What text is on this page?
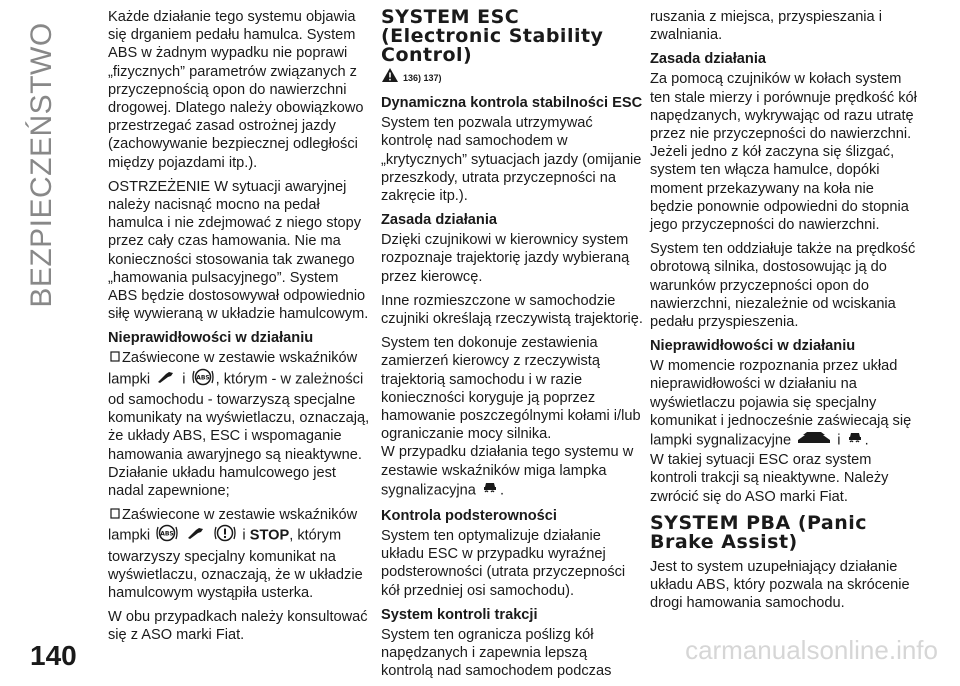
BEZPIECZEŃSTWO

Każde działanie tego systemu objawia się drganiem pedału hamulca. System ABS w żadnym wypadku nie poprawi „fizycznych” parametrów związanych z przyczepnością opon do nawierzchni drogowej. Dlatego należy obowiązkowo przestrzegać zasad ostrożnej jazdy (zachowywanie bezpiecznej odległości między pojazdami itp.).

OSTRZEŻENIE W sytuacji awaryjnej należy nacisnąć mocno na pedał hamulca i nie zdejmować z niego stopy przez cały czas hamowania. Nie ma konieczności stosowania tak zwanego „hamowania pulsacyjnego”. System ABS będzie dostosowywał odpowiednio siłę wywieraną w układzie hamulcowym.

Nieprawidłowości w działaniu

Zaświecone w zestawie wskaźników lampki i ABS , którym - w zależności od samochodu - towarzyszą specjalne komunikaty na wyświetlaczu, oznaczają, że układy ABS, ESC i wspomaganie hamowania awaryjnego są nieaktywne. Działanie układu hamulcowego jest nadal zapewnione;

Zaświecone w zestawie wskaźników lampki ABS	i STOP, którym towarzyszy specjalny komunikat na wyświetlaczu, oznaczają, że w układzie hamulcowym wystąpiła usterka.

W obu przypadkach należy konsultować się z ASO marki Fiat.

SYSTEM ESC (Electronic Stability Control)
136) 137)
Dynamiczna kontrola stabilności ESC

System ten pozwala utrzymywać kontrolę nad samochodem w „krytycznych” sytuacjach jazdy (omijanie przeszkody, utrata przyczepności na zakręcie itp.).

Zasada działania

Dzięki czujnikowi w kierownicy system rozpoznaje trajektorię jazdy wybieraną przez kierowcę.

Inne rozmieszczone w samochodzie czujniki określają rzeczywistą trajektorię.

System ten dokonuje zestawienia zamierzeń kierowcy z rzeczywistą trajektorią samochodu i w razie konieczności koryguje ją poprzez hamowanie poszczególnymi kołami i/lub ograniczanie mocy silnika.

W przypadku działania tego systemu w zestawie wskaźników miga lampka sygnalizacyjna .

Kontrola podsterowności

System ten optymalizuje działanie układu ESC w przypadku wyraźnej podsterowności (utrata przyczepności kół przedniej osi samochodu).

System kontroli trakcji

System ten ogranicza poślizg kół napędzanych i zapewnia lepszą kontrolą nad samochodem podczas

ruszania z miejsca, przyspieszania i zwalniania.

Zasada działania

Za pomocą czujników w kołach system ten stale mierzy i porównuje prędkość kół napędzanych, wykrywając od razu utratę przez nie przyczepności do nawierzchni. Jeżeli jedno z kół zaczyna się ślizgać, system ten włącza hamulce, dopóki moment przekazywany na koła nie będzie ponownie odpowiedni do stopnia jego przyczepności do nawierzchni.

System ten oddziałuje także na prędkość obrotową silnika, dostosowując ją do warunków przyczepności opon do nawierzchni, niezależnie od wciskania pedału przyspieszenia.

Nieprawidłowości w działaniu

W momencie rozpoznania przez układ nieprawidłowości w działaniu na wyświetlaczu pojawia się specjalny komunikat i jednocześnie zaświecają się lampki sygnalizacyjne	i .

W takiej sytuacji ESC oraz system kontroli trakcji są nieaktywne. Należy zwrócić się do ASO marki Fiat.

SYSTEM PBA (Panic Brake Assist)

Jest to system uzupełniający działanie układu ABS, który pozwala na skrócenie drogi hamowania samochodu.

140	carmanualsonline.info
